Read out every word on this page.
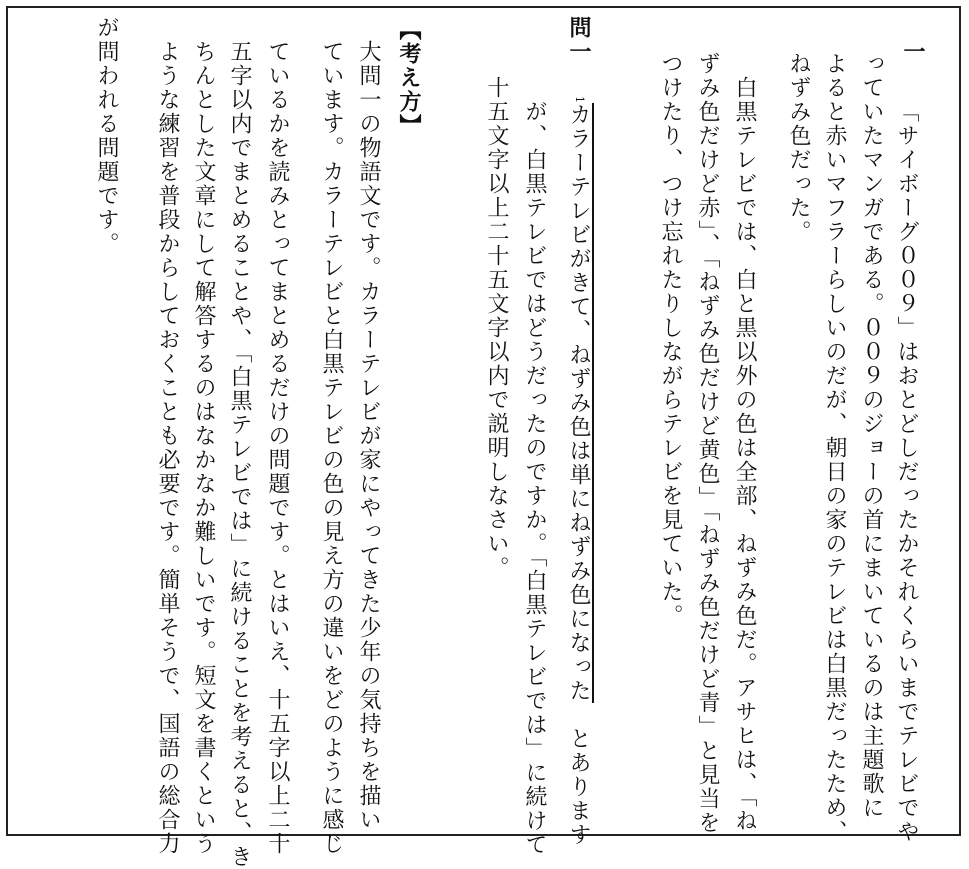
一
「サイボーグ００９」はおとどしだったかそれくらいまでテレビでや
っていたマンガである。００９のジョーの首にまいているのは主題歌に
よると赤いマフラーらしいのだが、朝日の家のテレビは白黒だったため、
ねずみ色だった。
白黒テレビでは、白と黒以外の色は全部、ねずみ色だ。アサヒは、「ね
ずみ色だけど赤」、「ねずみ色だけど黄色」「ねずみ色だけど青」と見当を
つけたり、つけ忘れたりしながらテレビを見ていた。
問一
$^1$カラーテレビがきて、ねずみ色は単にねずみ色になった　とあります
が、白黒テレビではどうだったのですか。「白黒テレビでは」に続けて
十五文字以上二十五文字以内で説明しなさい。
【考え方】
大問一の物語文です。カラーテレビが家にやってきた少年の気持ちを描い
ています。カラーテレビと白黒テレビの色の見え方の違いをどのように感じ
ているかを読みとってまとめるだけの問題です。とはいえ、十五字以上二十
五字以内でまとめることや、「白黒テレビでは」に続けることを考えると、き
ちんとした文章にして解答するのはなかなか難しいです。短文を書くという
ような練習を普段からしておくことも必要です。簡単そうで、国語の総合力
が問われる問題です。
